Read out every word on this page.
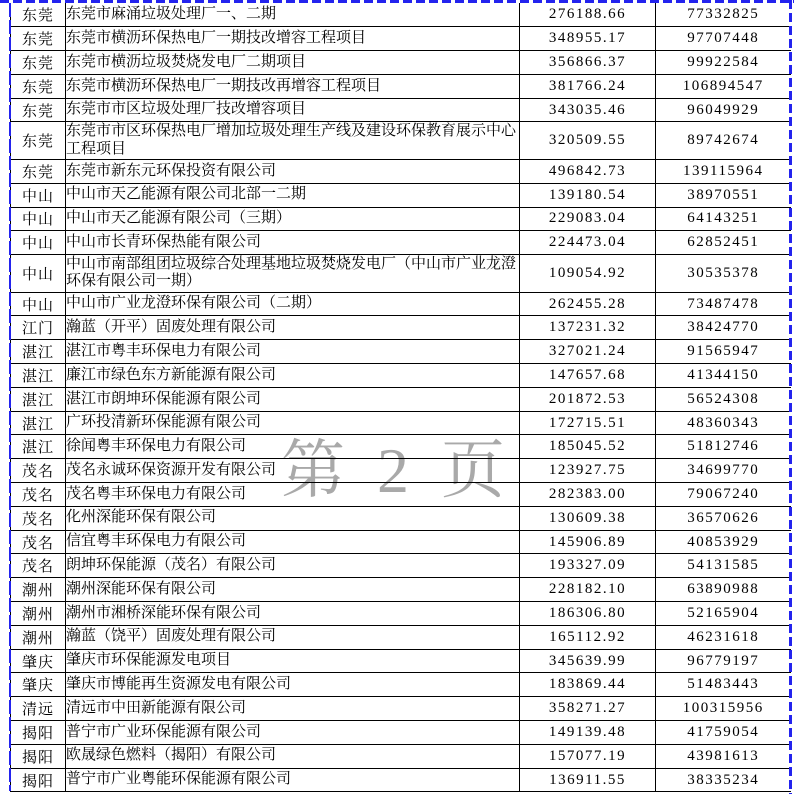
第 2 页
东莞	东莞市麻涌垃圾处理厂一、二期	276188.66	77332825
东莞	东莞市横沥环保热电厂一期技改增容工程项目	348955.17	97707448
东莞	东莞市横沥垃圾焚烧发电厂二期项目	356866.37	99922584
东莞	东莞市横沥环保热电厂一期技改再增容工程项目	381766.24	106894547
东莞	东莞市市区垃圾处理厂技改增容项目	343035.46	96049929
东莞	东莞市市区环保热电厂增加垃圾处理生产线及建设环保教育展示中心工程项目	320509.55	89742674
东莞	东莞市新东元环保投资有限公司	496842.73	139115964
中山	中山市天乙能源有限公司北部一二期	139180.54	38970551
中山	中山市天乙能源有限公司（三期）	229083.04	64143251
中山	中山市长青环保热能有限公司	224473.04	62852451
中山	中山市南部组团垃圾综合处理基地垃圾焚烧发电厂（中山市广业龙澄环保有限公司一期）	109054.92	30535378
中山	中山市广业龙澄环保有限公司（二期）	262455.28	73487478
江门	瀚蓝（开平）固废处理有限公司	137231.32	38424770
湛江	湛江市粤丰环保电力有限公司	327021.24	91565947
湛江	廉江市绿色东方新能源有限公司	147657.68	41344150
湛江	湛江市朗坤环保能源有限公司	201872.53	56524308
湛江	广环投清新环保能源有限公司	172715.51	48360343
湛江	徐闻粤丰环保电力有限公司	185045.52	51812746
茂名	茂名永诚环保资源开发有限公司	123927.75	34699770
茂名	茂名粤丰环保电力有限公司	282383.00	79067240
茂名	化州深能环保有限公司	130609.38	36570626
茂名	信宜粤丰环保电力有限公司	145906.89	40853929
茂名	朗坤环保能源（茂名）有限公司	193327.09	54131585
潮州	潮州深能环保有限公司	228182.10	63890988
潮州	潮州市湘桥深能环保有限公司	186306.80	52165904
潮州	瀚蓝（饶平）固废处理有限公司	165112.92	46231618
肇庆	肇庆市环保能源发电项目	345639.99	96779197
肇庆	肇庆市博能再生资源发电有限公司	183869.44	51483443
清远	清远市中田新能源有限公司	358271.27	100315956
揭阳	普宁市广业环保能源有限公司	149139.48	41759054
揭阳	欧晟绿色燃料（揭阳）有限公司	157077.19	43981613
揭阳	普宁市广业粤能环保能源有限公司	136911.55	38335234
